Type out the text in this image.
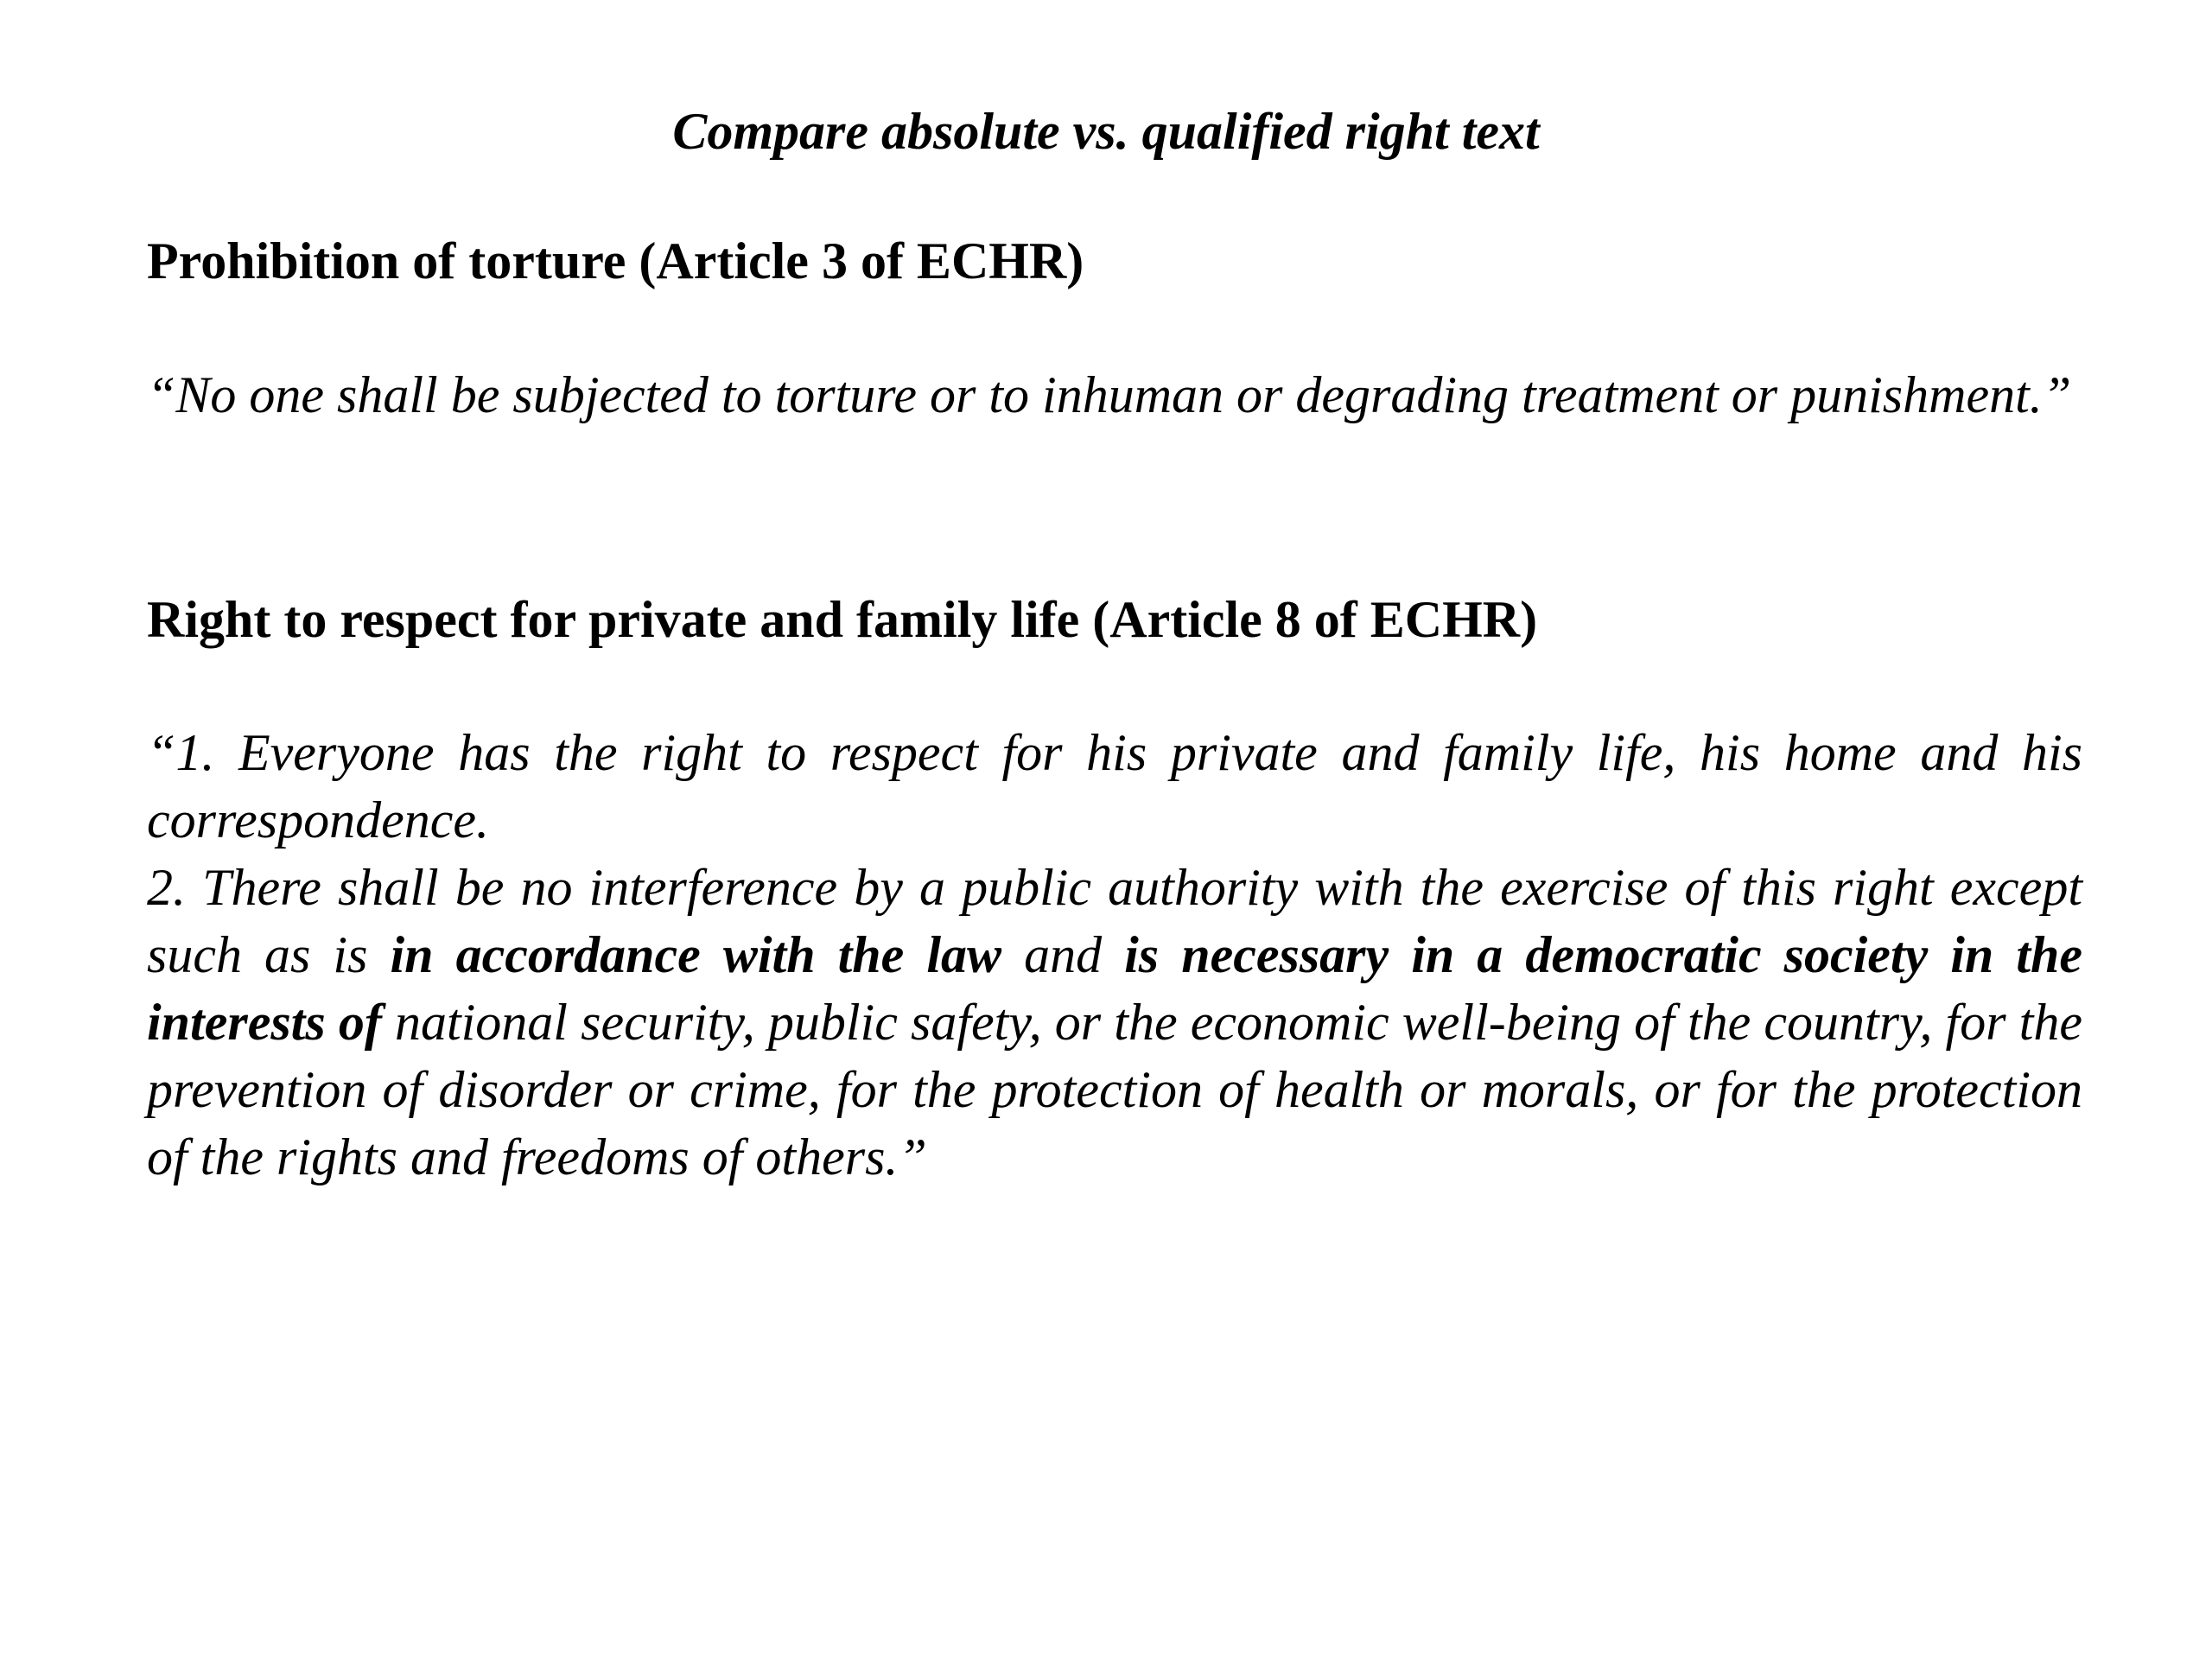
Compare absolute vs. qualified right text
Prohibition of torture (Article 3 of ECHR)

“No one shall be subjected to torture or to inhuman or degrading treatment or punishment.”

Right to respect for private and family life (Article 8 of ECHR)

“1. Everyone has the right to respect for his private and family life, his home and his correspondence.

2. There shall be no interference by a public authority with the exercise of this right except such as is in accordance with the law and is necessary in a democratic society in the interests of national security, public safety, or the economic well-being of the country, for the prevention of disorder or crime, for the protection of health or morals, or for the protection of the rights and freedoms of others.”
